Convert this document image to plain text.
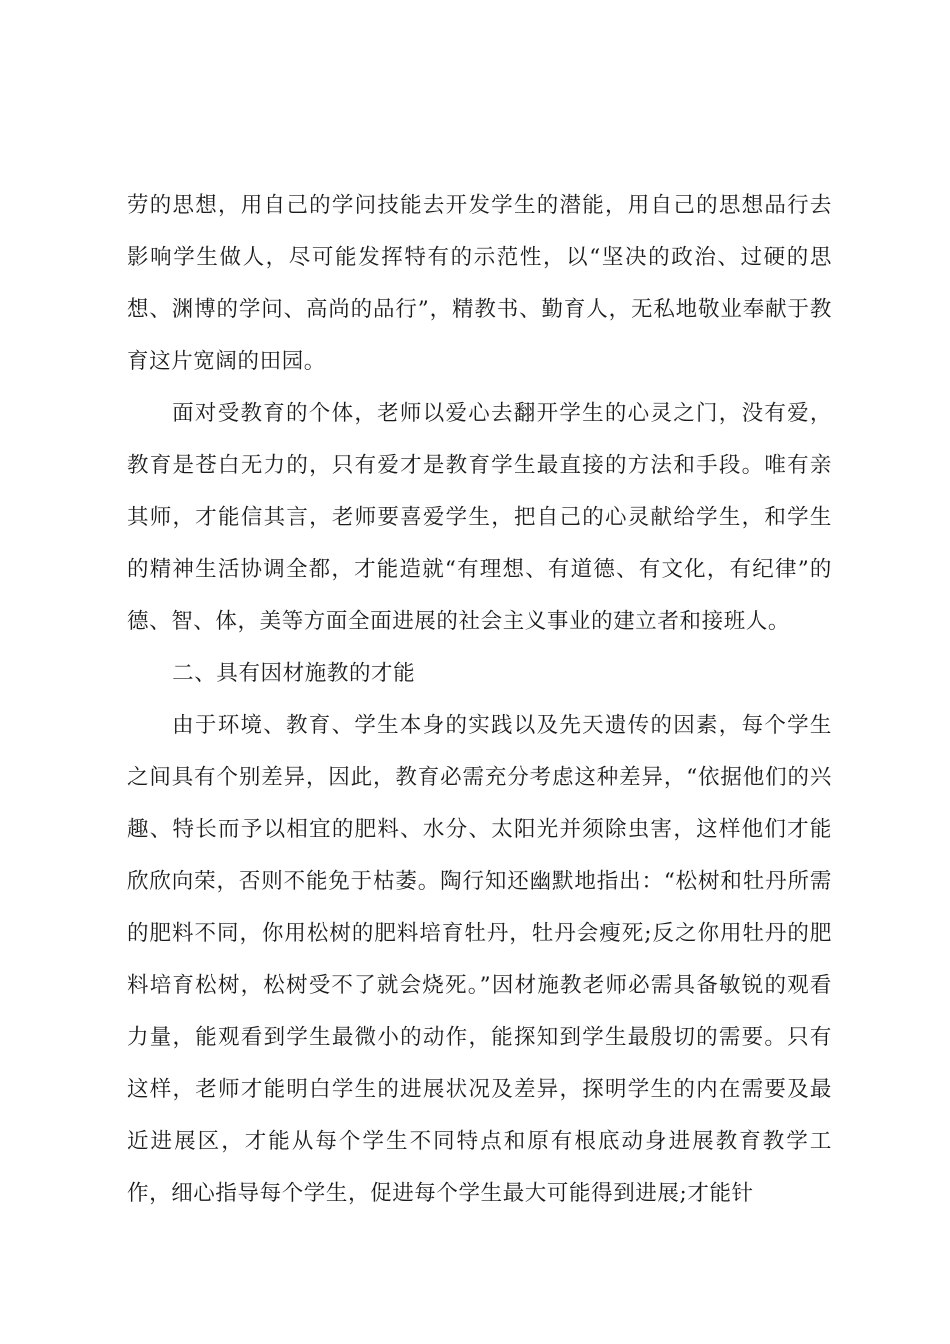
劳的思想，用自己的学问技能去开发学生的潜能，用自己的思想品行去影响学生做人，尽可能发挥特有的示范性，以“坚决的政治、过硬的思想、渊博的学问、高尚的品行”，精教书、勤育人，无私地敬业奉献于教育这片宽阔的田园。

面对受教育的个体，老师以爱心去翻开学生的心灵之门，没有爱，教育是苍白无力的，只有爱才是教育学生最直接的方法和手段。唯有亲其师，才能信其言，老师要喜爱学生，把自己的心灵献给学生，和学生的精神生活协调全都，才能造就“有理想、有道德、有文化，有纪律”的德、智、体，美等方面全面进展的社会主义事业的建立者和接班人。

二、具有因材施教的才能

由于环境、教育、学生本身的实践以及先天遗传的因素，每个学生之间具有个别差异，因此，教育必需充分考虑这种差异，“依据他们的兴趣、特长而予以相宜的肥料、水分、太阳光并须除虫害，这样他们才能欣欣向荣，否则不能免于枯萎。陶行知还幽默地指出：“松树和牡丹所需的肥料不同，你用松树的肥料培育牡丹，牡丹会瘦死;反之你用牡丹的肥料培育松树，松树受不了就会烧死。”因材施教老师必需具备敏锐的观看力量，能观看到学生最微小的动作，能探知到学生最殷切的需要。只有这样，老师才能明白学生的进展状况及差异，探明学生的内在需要及最近进展区，才能从每个学生不同特点和原有根底动身进展教育教学工作，细心指导每个学生，促进每个学生最大可能得到进展;才能针
